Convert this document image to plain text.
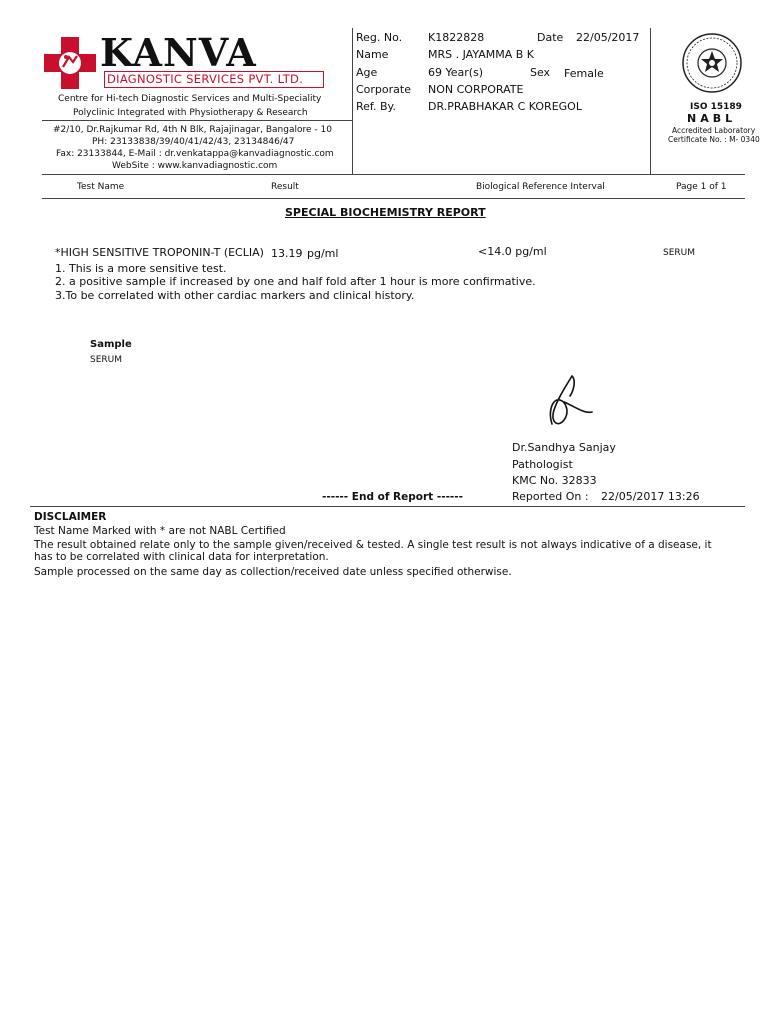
KANVA
DIAGNOSTIC SERVICES PVT. LTD.
Centre for Hi-tech Diagnostic Services and Multi-Speciality
Polyclinic Integrated with Physiotherapy & Research
#2/10, Dr.Rajkumar Rd, 4th N Blk, Rajajinagar, Bangalore - 10
PH: 23133838/39/40/41/42/43, 23134846/47
Fax: 23133844, E-Mail : dr.venkatappa@kanvadiagnostic.com
WebSite : www.kanvadiagnostic.com
Reg. No. K1822828	Date 22/05/2017
Name	MRS . JAYAMMA B K
Age	69 Year(s)	Sex Female
Corporate NON CORPORATE
Ref. By.	DR.PRABHAKAR C KOREGOL	ISO 15189
NABL
Accredited Laboratory
Certificate No. : M- 0340
Test Name	Result	Biological Reference Interval	Page 1 of 1
SPECIAL BIOCHEMISTRY REPORT
*HIGH SENSITIVE TROPONIN-T (ECLIA) 13.19 pg/ml	<14.0 pg/ml	SERUM
1. This is a more sensitive test.
2. a positive sample if increased by one and half fold after 1 hour is more confirmative.
3.To be correlated with other cardiac markers and clinical history.
Sample
SERUM
Dr.Sandhya Sanjay
Pathologist
KMC No. 32833
Reported On : 22/05/2017 13:26
------ End of Report ------
DISCLAIMER
Test Name Marked with * are not NABL Certified
The result obtained relate only to the sample given/received & tested. A single test result is not always indicative of a disease, it has to be correlated with clinical data for interpretation.
Sample processed on the same day as collection/received date unless specified otherwise.
